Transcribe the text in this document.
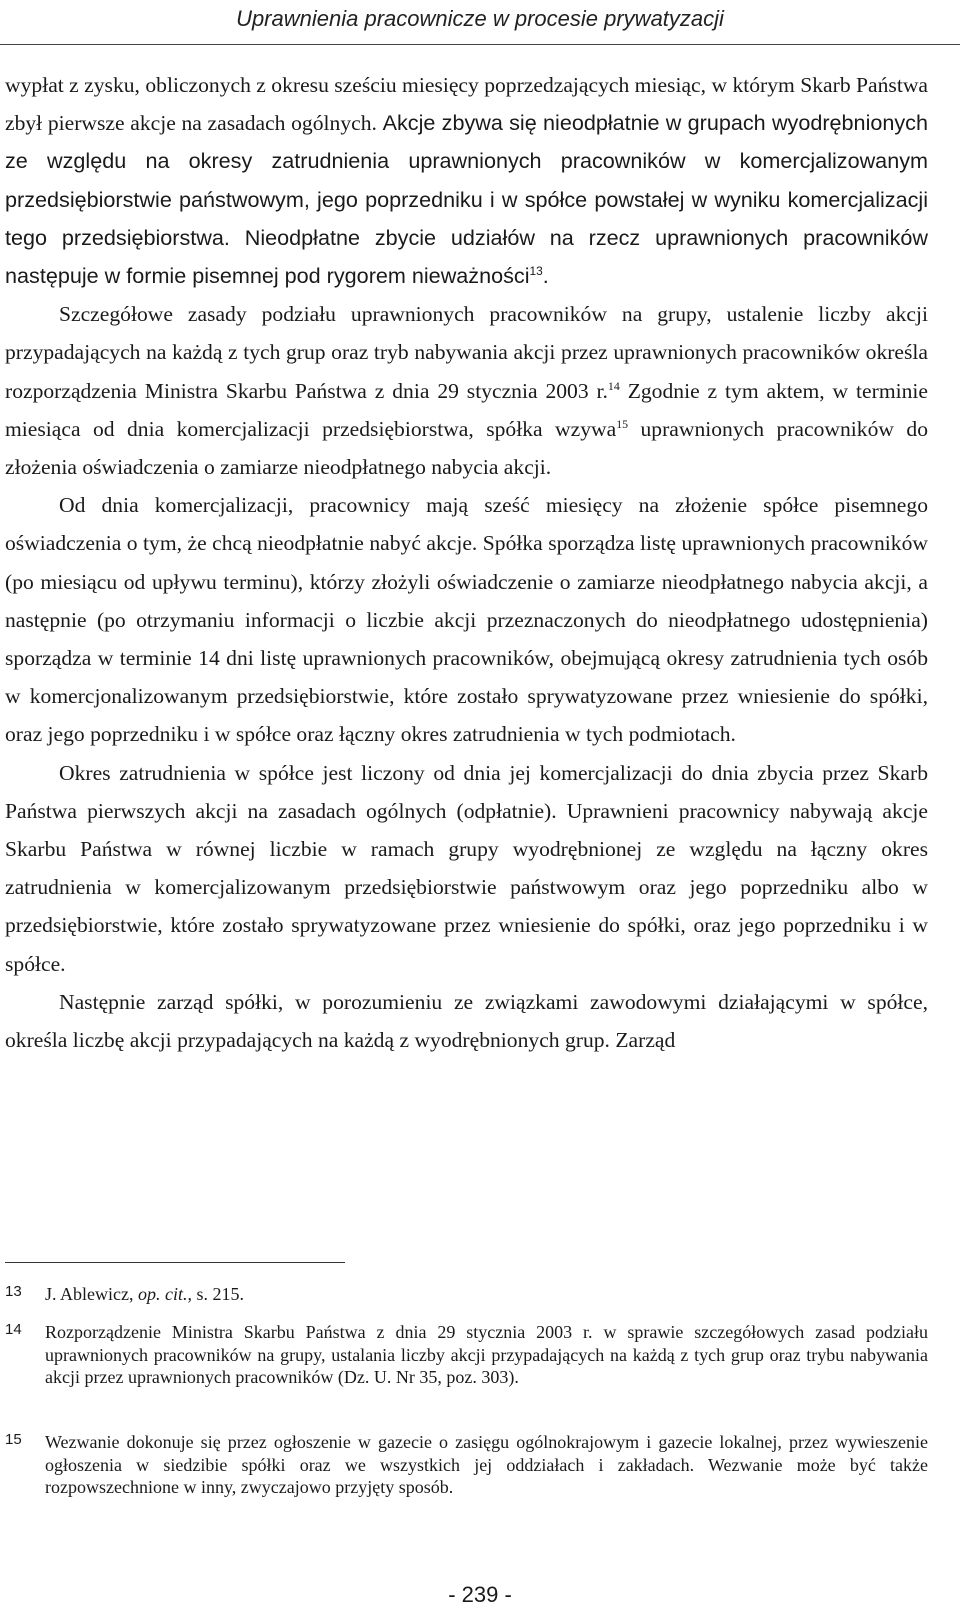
Uprawnienia pracownicze w procesie prywatyzacji

wypłat z zysku, obliczonych z okresu sześciu miesięcy poprzedzających miesiąc, w którym Skarb Państwa zbył pierwsze akcje na zasadach ogólnych. Akcje zbywa się nieodpłatnie w grupach wyodrębnionych ze względu na okresy zatrudnienia uprawnionych pracowników w komercjalizowanym przedsiębiorstwie państwowym, jego poprzedniku i w spółce powstałej w wyniku komercjalizacji tego przedsiębiorstwa. Nieodpłatne zbycie udziałów na rzecz uprawnionych pracowników następuje w formie pisemnej pod rygorem nieważności$^{13}$.

Szczegółowe zasady podziału uprawnionych pracowników na grupy, ustalenie liczby akcji przypadających na każdą z tych grup oraz tryb nabywania akcji przez uprawnionych pracowników określa rozporządzenia Ministra Skarbu Państwa z dnia 29 stycznia 2003 r.$^{14}$ Zgodnie z tym aktem, w terminie miesiąca od dnia komercjalizacji przedsiębiorstwa, spółka wzywa$^{15}$ uprawnionych pracowników do złożenia oświadczenia o zamiarze nieodpłatnego nabycia akcji.

Od dnia komercjalizacji, pracownicy mają sześć miesięcy na złożenie spółce pisemnego oświadczenia o tym, że chcą nieodpłatnie nabyć akcje. Spółka sporządza listę uprawnionych pracowników (po miesiącu od upływu terminu), którzy złożyli oświadczenie o zamiarze nieodpłatnego nabycia akcji, a następnie (po otrzymaniu informacji o liczbie akcji przeznaczonych do nieodpłatnego udostępnienia) sporządza w terminie 14 dni listę uprawnionych pracowników, obejmującą okresy zatrudnienia tych osób w komercjonalizowanym przedsiębiorstwie, które zostało sprywatyzowane przez wniesienie do spółki, oraz jego poprzedniku i w spółce oraz łączny okres zatrudnienia w tych podmiotach.

Okres zatrudnienia w spółce jest liczony od dnia jej komercjalizacji do dnia zbycia przez Skarb Państwa pierwszych akcji na zasadach ogólnych (odpłatnie). Uprawnieni pracownicy nabywają akcje Skarbu Państwa w równej liczbie w ramach grupy wyodrębnionej ze względu na łączny okres zatrudnienia w komercjalizowanym przedsiębiorstwie państwowym oraz jego poprzedniku albo w przedsiębiorstwie, które zostało sprywatyzowane przez wniesienie do spółki, oraz jego poprzedniku i w spółce.

Następnie zarząd spółki, w porozumieniu ze związkami zawodowymi działającymi w spółce, określa liczbę akcji przypadających na każdą z wyodrębnionych grup. Zarząd

13 J. Ablewicz, op. cit., s. 215.
14 Rozporządzenie Ministra Skarbu Państwa z dnia 29 stycznia 2003 r. w sprawie szczegółowych zasad podziału uprawnionych pracowników na grupy, ustalania liczby akcji przypadających na każdą z tych grup oraz trybu nabywania akcji przez uprawnionych pracowników (Dz. U. Nr 35, poz. 303).
15 Wezwanie dokonuje się przez ogłoszenie w gazecie o zasięgu ogólnokrajowym i gazecie lokalnej, przez wywieszenie ogłoszenia w siedzibie spółki oraz we wszystkich jej oddziałach i zakładach. Wezwanie może być także rozpowszechnione w inny, zwyczajowo przyjęty sposób.
- 239 -
